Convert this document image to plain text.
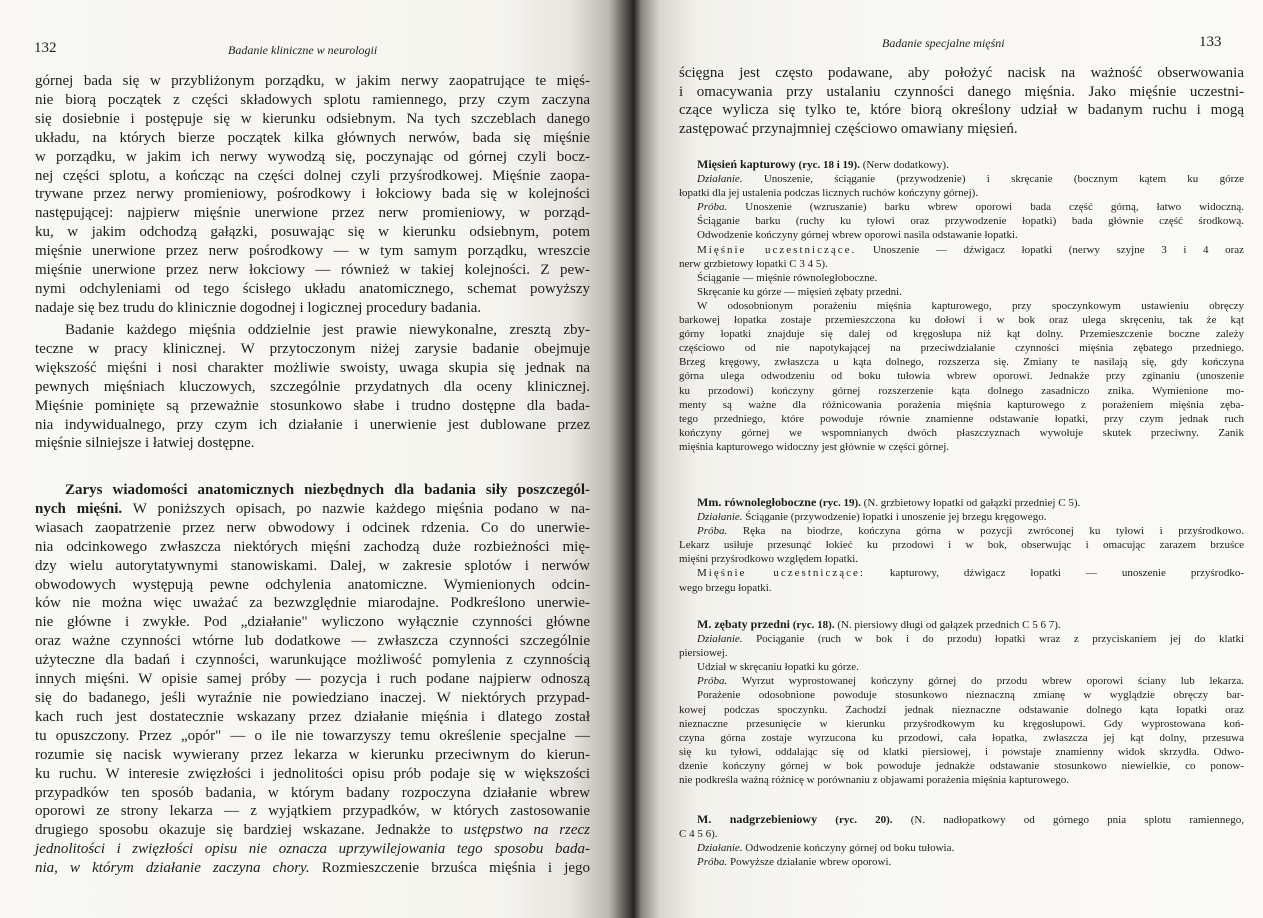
132	Badanie kliniczne w neurologii
górnej bada się w przybliżonym porządku, w jakim nerwy zaopatrujące te mięś-
nie biorą początek z części składowych splotu ramiennego, przy czym zaczyna
się dosiebnie i postępuje się w kierunku odsiebnym. Na tych szczeblach danego
układu, na których bierze początek kilka głównych nerwów, bada się mięśnie
w porządku, w jakim ich nerwy wywodzą się, poczynając od górnej czyli bocz-
nej części splotu, a kończąc na części dolnej czyli przyśrodkowej. Mięśnie zaopa-
trywane przez nerwy promieniowy, pośrodkowy i łokciowy bada się w kolejności
następującej: najpierw mięśnie unerwione przez nerw promieniowy, w porząd-
ku, w jakim odchodzą gałązki, posuwając się w kierunku odsiebnym, potem
mięśnie unerwione przez nerw pośrodkowy — w tym samym porządku, wreszcie
mięśnie unerwione przez nerw łokciowy — również w takiej kolejności. Z pew-
nymi odchyleniami od tego ścisłego układu anatomicznego, schemat powyższy
nadaje się bez trudu do klinicznie dogodnej i logicznej procedury badania.
Badanie każdego mięśnia oddzielnie jest prawie niewykonalne, zresztą zby-
teczne w pracy klinicznej. W przytoczonym niżej zarysie badanie obejmuje
większość mięśni i nosi charakter możliwie swoisty, uwaga skupia się jednak na
pewnych mięśniach kluczowych, szczególnie przydatnych dla oceny klinicznej.
Mięśnie pominięte są przeważnie stosunkowo słabe i trudno dostępne dla bada-
nia indywidualnego, przy czym ich działanie i unerwienie jest dublowane przez
mięśnie silniejsze i łatwiej dostępne.
Zarys wiadomości anatomicznych niezbędnych dla badania siły poszczegól-
nych mięśni. W poniższych opisach, po nazwie każdego mięśnia podano w na-
wiasach zaopatrzenie przez nerw obwodowy i odcinek rdzenia. Co do unerwie-
nia odcinkowego zwłaszcza niektórych mięśni zachodzą duże rozbieżności mię-
dzy wielu autorytatywnymi stanowiskami. Dalej, w zakresie splotów i nerwów
obwodowych występują pewne odchylenia anatomiczne. Wymienionych odcin-
ków nie można więc uważać za bezwzględnie miarodajne. Podkreślono unerwie-
nie główne i zwykłe. Pod „działanie" wyliczono wyłącznie czynności główne
oraz ważne czynności wtórne lub dodatkowe — zwłaszcza czynności szczególnie
użyteczne dla badań i czynności, warunkujące możliwość pomylenia z czynnością
innych mięśni. W opisie samej próby — pozycja i ruch podane najpierw odnoszą
się do badanego, jeśli wyraźnie nie powiedziano inaczej. W niektórych przypad-
kach ruch jest dostatecznie wskazany przez działanie mięśnia i dlatego został
tu opuszczony. Przez „opór" — o ile nie towarzyszy temu określenie specjalne —
rozumie się nacisk wywierany przez lekarza w kierunku przeciwnym do kierun-
ku ruchu. W interesie zwięzłości i jednolitości opisu prób podaje się w większości
przypadków ten sposób badania, w którym badany rozpoczyna działanie wbrew
oporowi ze strony lekarza — z wyjątkiem przypadków, w których zastosowanie
drugiego sposobu okazuje się bardziej wskazane. Jednakże to ustępstwo na rzecz
jednolitości i zwięzłości opisu nie oznacza uprzywilejowania tego sposobu bada-
nia, w którym działanie zaczyna chory. Rozmieszczenie brzuśca mięśnia i jego
Badanie specjalne mięśni	133
ścięgna jest często podawane, aby położyć nacisk na ważność obserwowania
i omacywania przy ustalaniu czynności danego mięśnia. Jako mięśnie uczestni-
czące wylicza się tylko te, które biorą określony udział w badanym ruchu i mogą
zastępować przynajmniej częściowo omawiany mięsień.
Mięsień kapturowy (ryc. 18 i 19). (Nerw dodatkowy).
Działanie. Unoszenie, ściąganie (przywodzenie) i skręcanie (bocznym kątem ku górze
łopatki dla jej ustalenia podczas licznych ruchów kończyny górnej).
Próba. Unoszenie (wzruszanie) barku wbrew oporowi bada część górną, łatwo widoczną.
Ściąganie barku (ruchy ku tyłowi oraz przywodzenie łopatki) bada głównie część środkową.
Odwodzenie kończyny górnej wbrew oporowi nasila odstawanie łopatki.
Mięśnie uczestniczące. Unoszenie — dźwigacz łopatki (nerwy szyjne 3 i 4 oraz
nerw grzbietowy łopatki C 3 4 5).
Ściąganie — mięśnie równoległoboczne.
Skręcanie ku górze — mięsień zębaty przedni.
W odosobnionym porażeniu mięśnia kapturowego, przy spoczynkowym ustawieniu obręczy
barkowej łopatka zostaje przemieszczona ku dołowi i w bok oraz ulega skręceniu, tak że kąt
górny łopatki znajduje się dalej od kręgosłupa niż kąt dolny. Przemieszczenie boczne zależy
częściowo od nie napotykającej na przeciwdziałanie czynności mięśnia zębatego przedniego.
Brzeg kręgowy, zwłaszcza u kąta dolnego, rozszerza się. Zmiany te nasilają się, gdy kończyna
górna ulega odwodzeniu od boku tułowia wbrew oporowi. Jednakże przy zginaniu (unoszenie
ku przodowi) kończyny górnej rozszerzenie kąta dolnego zasadniczo znika. Wymienione mo-
menty są ważne dla różnicowania porażenia mięśnia kapturowego z porażeniem mięśnia zęba-
tego przedniego, które powoduje równie znamienne odstawanie łopatki, przy czym jednak ruch
kończyny górnej we wspomnianych dwóch płaszczyznach wywołuje skutek przeciwny. Zanik
mięśnia kapturowego widoczny jest głównie w części górnej.
Mm. równoległoboczne (ryc. 19). (N. grzbietowy łopatki od gałązki przedniej C 5).
Działanie. Ściąganie (przywodzenie) łopatki i unoszenie jej brzegu kręgowego.
Próba. Ręka na biodrze, kończyna górna w pozycji zwróconej ku tyłowi i przyśrodkowo.
Lekarz usiłuje przesunąć łokieć ku przodowi i w bok, obserwując i omacując zarazem brzuśce
mięśni przyśrodkowo względem łopatki.
Mięśnie uczestniczące: kapturowy, dźwigacz łopatki — unoszenie przyśrodko-
wego brzegu łopatki.
M. zębaty przedni (ryc. 18). (N. piersiowy długi od gałązek przednich C 5 6 7).
Działanie. Pociąganie (ruch w bok i do przodu) łopatki wraz z przyciskaniem jej do klatki
piersiowej.
Udział w skręcaniu łopatki ku górze.
Próba. Wyrzut wyprostowanej kończyny górnej do przodu wbrew oporowi ściany lub lekarza.
Porażenie odosobnione powoduje stosunkowo nieznaczną zmianę w wyglądzie obręczy bar-
kowej podczas spoczynku. Zachodzi jednak nieznaczne odstawanie dolnego kąta łopatki oraz
nieznaczne przesunięcie w kierunku przyśrodkowym ku kręgosłupowi. Gdy wyprostowana koń-
czyna górna zostaje wyrzucona ku przodowi, cała łopatka, zwłaszcza jej kąt dolny, przesuwa
się ku tyłowi, oddalając się od klatki piersiowej, i powstaje znamienny widok skrzydła. Odwo-
dzenie kończyny górnej w bok powoduje jednakże odstawanie stosunkowo niewielkie, co ponow-
nie podkreśla ważną różnicę w porównaniu z objawami porażenia mięśnia kapturowego.
M. nadgrzebieniowy (ryc. 20). (N. nadłopatkowy od górnego pnia splotu ramiennego,
C 4 5 6).
Działanie. Odwodzenie kończyny górnej od boku tułowia.
Próba. Powyższe działanie wbrew oporowi.
